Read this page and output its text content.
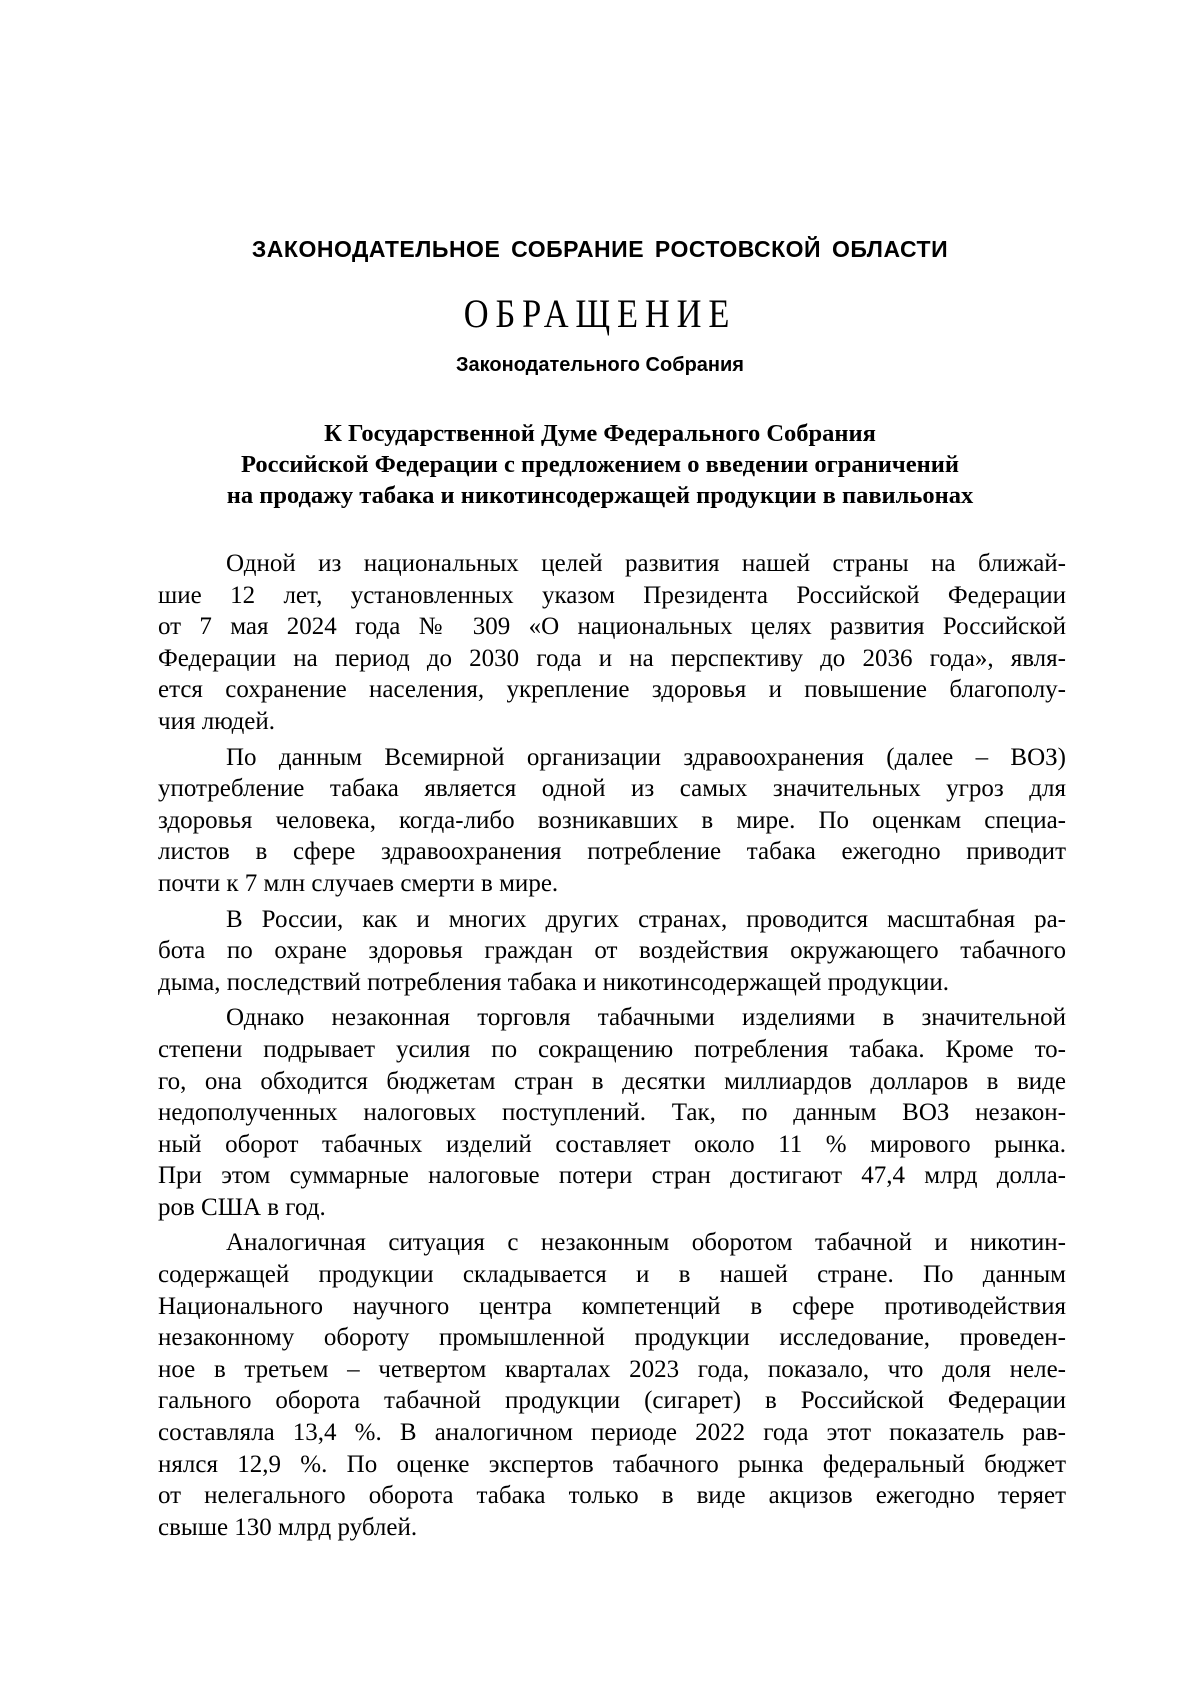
ЗАКОНОДАТЕЛЬНОЕ СОБРАНИЕ РОСТОВСКОЙ ОБЛАСТИ
ОБРАЩЕНИЕ
Законодательного Собрания
К Государственной Думе Федерального Собрания
Российской Федерации с предложением о введении ограничений
на продажу табака и никотинсодержащей продукции в павильонах
Одной из национальных целей развития нашей страны на ближай-
шие 12 лет, установленных указом Президента Российской Федерации
от 7 мая 2024 года № 309 «О национальных целях развития Российской
Федерации на период до 2030 года и на перспективу до 2036 года», явля-
ется сохранение населения, укрепление здоровья и повышение благополу-
чия людей.
По данным Всемирной организации здравоохранения (далее – ВОЗ)
употребление табака является одной из самых значительных угроз для
здоровья человека, когда-либо возникавших в мире. По оценкам специа-
листов в сфере здравоохранения потребление табака ежегодно приводит
почти к 7 млн случаев смерти в мире.
В России, как и многих других странах, проводится масштабная ра-
бота по охране здоровья граждан от воздействия окружающего табачного
дыма, последствий потребления табака и никотинсодержащей продукции.
Однако незаконная торговля табачными изделиями в значительной
степени подрывает усилия по сокращению потребления табака. Кроме то-
го, она обходится бюджетам стран в десятки миллиардов долларов в виде
недополученных налоговых поступлений. Так, по данным ВОЗ незакон-
ный оборот табачных изделий составляет около 11 % мирового рынка.
При этом суммарные налоговые потери стран достигают 47,4 млрд долла-
ров США в год.
Аналогичная ситуация с незаконным оборотом табачной и никотин-
содержащей продукции складывается и в нашей стране. По данным
Национального научного центра компетенций в сфере противодействия
незаконному обороту промышленной продукции исследование, проведен-
ное в третьем – четвертом кварталах 2023 года, показало, что доля неле-
гального оборота табачной продукции (сигарет) в Российской Федерации
составляла 13,4 %. В аналогичном периоде 2022 года этот показатель рав-
нялся 12,9 %. По оценке экспертов табачного рынка федеральный бюджет
от нелегального оборота табака только в виде акцизов ежегодно теряет
свыше 130 млрд рублей.
